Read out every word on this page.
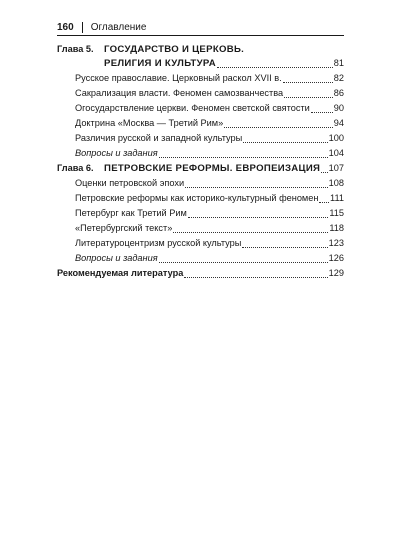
160 Оглавление
Глава 5. ГОСУДАРСТВО И ЦЕРКОВЬ.
РЕЛИГИЯ И КУЛЬТУРА	81
Русское православие. Церковный раскол XVII в.	82
Сакрализация власти. Феномен самозванчества	86
Огосударствление церкви. Феномен светской святости	90
Доктрина «Москва — Третий Рим»	94
Различия русской и западной культуры	100
Вопросы и задания	104
Глава 6.	ПЕТРОВСКИЕ РЕФОРМЫ. ЕВРОПЕИЗАЦИЯ 107
Оценки петровской эпохи	108
Петровские реформы как историко-культурный феномен 111
Петербург как Третий Рим	115
«Петербургский текст»	118
Литературоцентризм русской культуры	123
Вопросы и задания	126
Рекомендуемая литература	129
